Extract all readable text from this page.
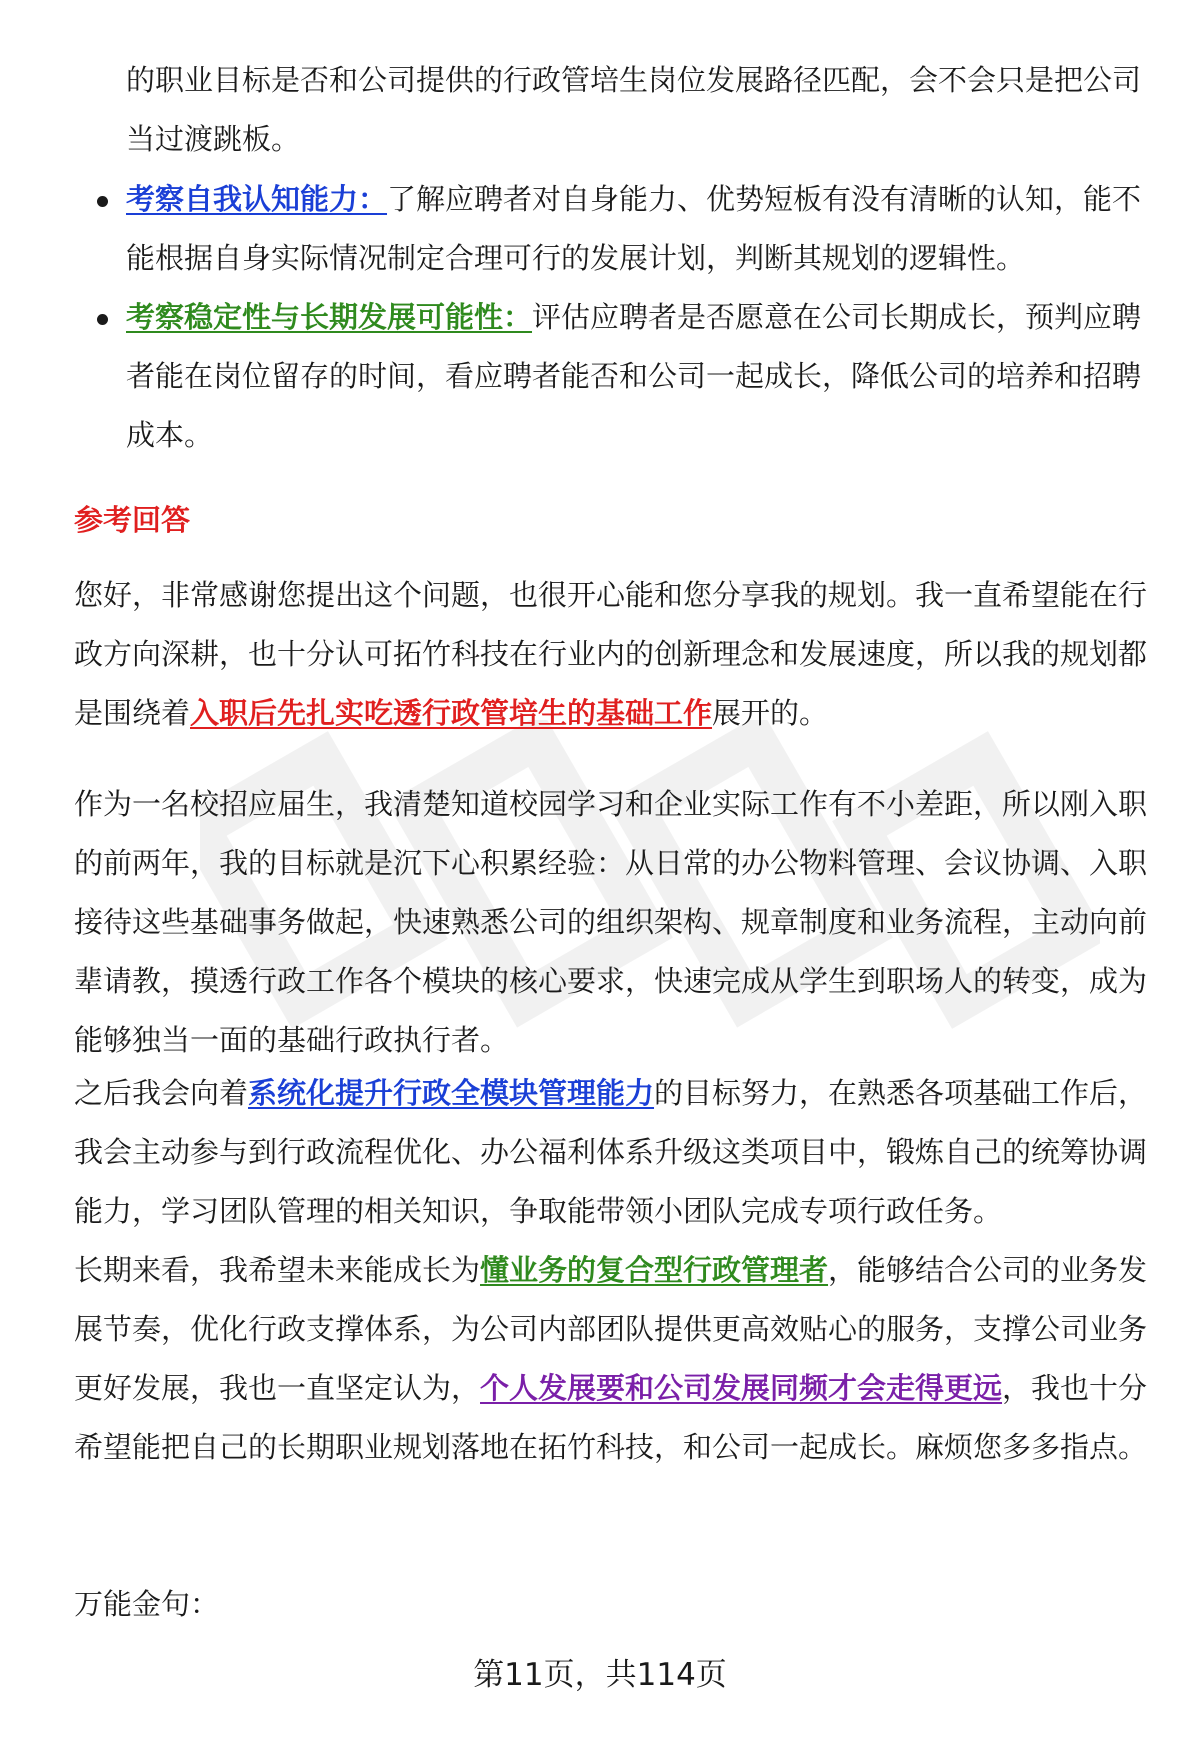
的职业目标是否和公司提供的行政管培生岗位发展路径匹配，会不会只是把公司当过渡跳板。
考察自我认知能力：了解应聘者对自身能力、优势短板有没有清晰的认知，能不能根据自身实际情况制定合理可行的发展计划，判断其规划的逻辑性。
考察稳定性与长期发展可能性：评估应聘者是否愿意在公司长期成长，预判应聘者能在岗位留存的时间，看应聘者能否和公司一起成长，降低公司的培养和招聘成本。
参考回答

您好，非常感谢您提出这个问题，也很开心能和您分享我的规划。我一直希望能在行政方向深耕，也十分认可拓竹科技在行业内的创新理念和发展速度，所以我的规划都是围绕着入职后先扎实吃透行政管培生的基础工作展开的。

作为一名校招应届生，我清楚知道校园学习和企业实际工作有不小差距，所以刚入职的前两年，我的目标就是沉下心积累经验：从日常的办公物料管理、会议协调、入职接待这些基础事务做起，快速熟悉公司的组织架构、规章制度和业务流程，主动向前辈请教，摸透行政工作各个模块的核心要求，快速完成从学生到职场人的转变，成为能够独当一面的基础行政执行者。

之后我会向着系统化提升行政全模块管理能力的目标努力，在熟悉各项基础工作后，我会主动参与到行政流程优化、办公福利体系升级这类项目中，锻炼自己的统筹协调能力，学习团队管理的相关知识，争取能带领小团队完成专项行政任务。

长期来看，我希望未来能成长为懂业务的复合型行政管理者，能够结合公司的业务发展节奏，优化行政支撑体系，为公司内部团队提供更高效贴心的服务，支撑公司业务更好发展，我也一直坚定认为，个人发展要和公司发展同频才会走得更远，我也十分希望能把自己的长期职业规划落地在拓竹科技，和公司一起成长。麻烦您多多指点。

万能金句：
第11页，共114页
